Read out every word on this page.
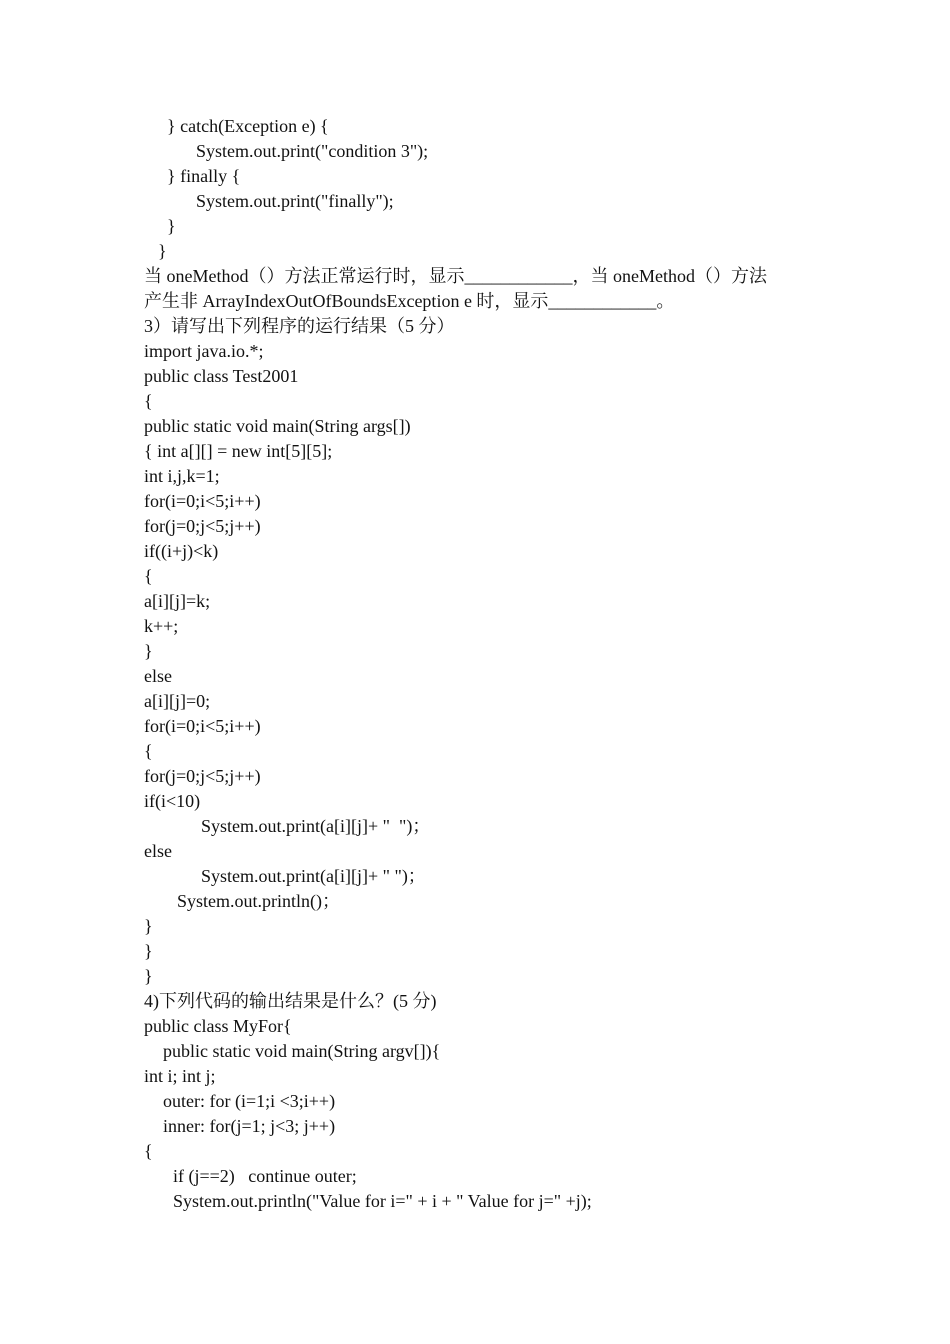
} catch(Exception e) {
System.out.print("condition 3");
} finally {
System.out.print("finally");
}
}
当 oneMethod（）方法正常运行时，显示____________，当 oneMethod（）方法
产生非 ArrayIndexOutOfBoundsException e 时，显示____________。
3）请写出下列程序的运行结果（5 分）
import java.io.*;
public class Test2001
{
public static void main(String args[])
{ int a[][] = new int[5][5];
int i,j,k=1;
for(i=0;i<5;i++)
for(j=0;j<5;j++)
if((i+j)<k)
{
a[i][j]=k;
k++;
}
else
a[i][j]=0;
for(i=0;i<5;i++)
{
for(j=0;j<5;j++)
if(i<10)
System.out.print(a[i][j]+ "  ")；
else
System.out.print(a[i][j]+ " ")；
System.out.println()；
}
}
}
4)下列代码的输出结果是什么？(5 分)
public class MyFor{
public static void main(String argv[]){
int i; int j;
outer: for (i=1;i <3;i++)
inner: for(j=1; j<3; j++)
{
if (j==2)   continue outer;
System.out.println("Value for i=" + i + " Value for j=" +j);
